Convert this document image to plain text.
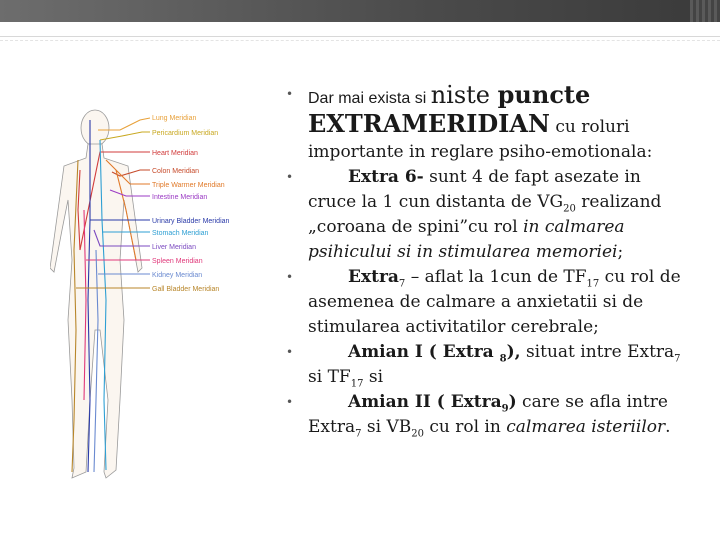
Lung Meridian
Pericardium Meridian
Heart Meridian
Colon Meridian
Triple Warmer Meridian
Intestine Meridian
Urinary Bladder Meridian
Stomach Meridian
Liver Meridian
Spleen Meridian
Kidney Meridian
Gall Bladder Meridian
• Dar mai exista si niste puncte
EXTRAMERIDIAN cu roluri importante in reglare psiho-emotionala:
•	Extra 6- sunt 4 de fapt asezate in cruce la 1 cun distanta de $VG_{20}$ realizand „coroana de spini”cu rol in calmarea psihicului si in stimularea memoriei;
•	Extra$_7$ – aflat la 1cun de $TF_{17}$ cu rol de asemenea de calmare a anxietatii si de stimularea activitatilor cerebrale;
•	Amian I ( Extra $_8$), situat intre Extra$_7$ si $TF_{17}$ si
•	Amian II ( Extra$_9$) care se afla intre Extra$_7$ si $VB_{20}$ cu rol in calmarea isteriilor.
